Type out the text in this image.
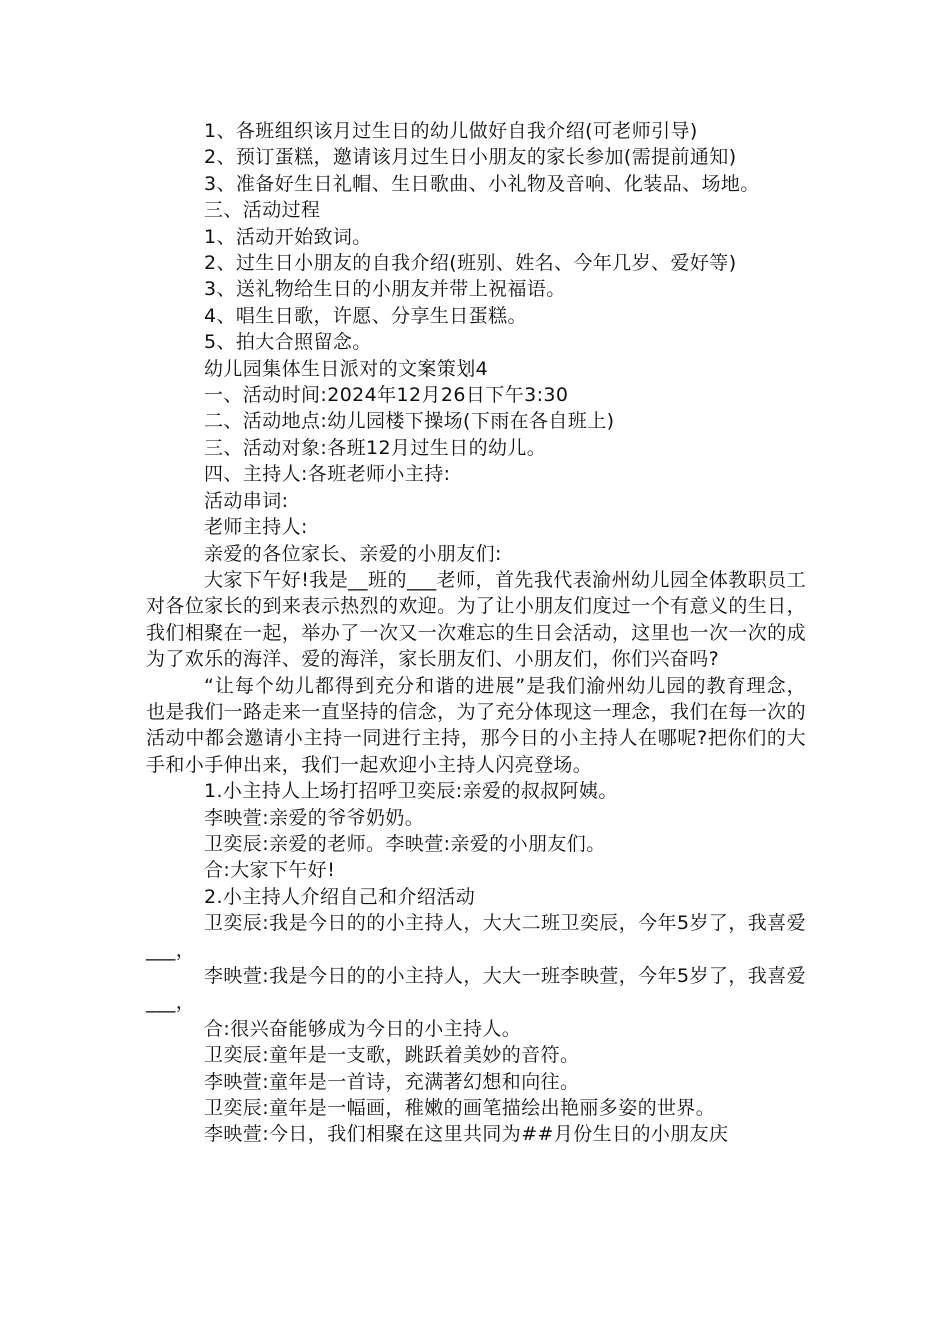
1、各班组织该月过生日的幼儿做好自我介绍(可老师引导)

2、预订蛋糕，邀请该月过生日小朋友的家长参加(需提前通知)

3、准备好生日礼帽、生日歌曲、小礼物及音响、化装品、场地。

三、活动过程

1、活动开始致词。

2、过生日小朋友的自我介绍(班别、姓名、今年几岁、爱好等)

3、送礼物给生日的小朋友并带上祝福语。

4、唱生日歌，许愿、分享生日蛋糕。

5、拍大合照留念。

幼儿园集体生日派对的文案策划4

一、活动时间:2024年12月26日下午3:30

二、活动地点:幼儿园楼下操场(下雨在各自班上)

三、活动对象:各班12月过生日的幼儿。

四、主持人:各班老师小主持:

活动串词:

老师主持人:

亲爱的各位家长、亲爱的小朋友们:

大家下午好!我是__班的___老师，首先我代表渝州幼儿园全体教职员工对各位家长的到来表示热烈的欢迎。为了让小朋友们度过一个有意义的生日，我们相聚在一起，举办了一次又一次难忘的生日会活动，这里也一次一次的成为了欢乐的海洋、爱的海洋，家长朋友们、小朋友们，你们兴奋吗?

“让每个幼儿都得到充分和谐的进展”是我们渝州幼儿园的教育理念，也是我们一路走来一直坚持的信念，为了充分体现这一理念，我们在每一次的活动中都会邀请小主持一同进行主持，那今日的小主持人在哪呢?把你们的大手和小手伸出来，我们一起欢迎小主持人闪亮登场。

1.小主持人上场打招呼卫奕辰:亲爱的叔叔阿姨。

李映萱:亲爱的爷爷奶奶。

卫奕辰:亲爱的老师。李映萱:亲爱的小朋友们。

合:大家下午好!

2.小主持人介绍自己和介绍活动

卫奕辰:我是今日的的小主持人，大大二班卫奕辰，今年5岁了，我喜爱___，

李映萱:我是今日的的小主持人，大大一班李映萱，今年5岁了，我喜爱___，

合:很兴奋能够成为今日的小主持人。

卫奕辰:童年是一支歌，跳跃着美妙的音符。

李映萱:童年是一首诗，充满著幻想和向往。

卫奕辰:童年是一幅画，稚嫩的画笔描绘出艳丽多姿的世界。

李映萱:今日，我们相聚在这里共同为##月份生日的小朋友庆
